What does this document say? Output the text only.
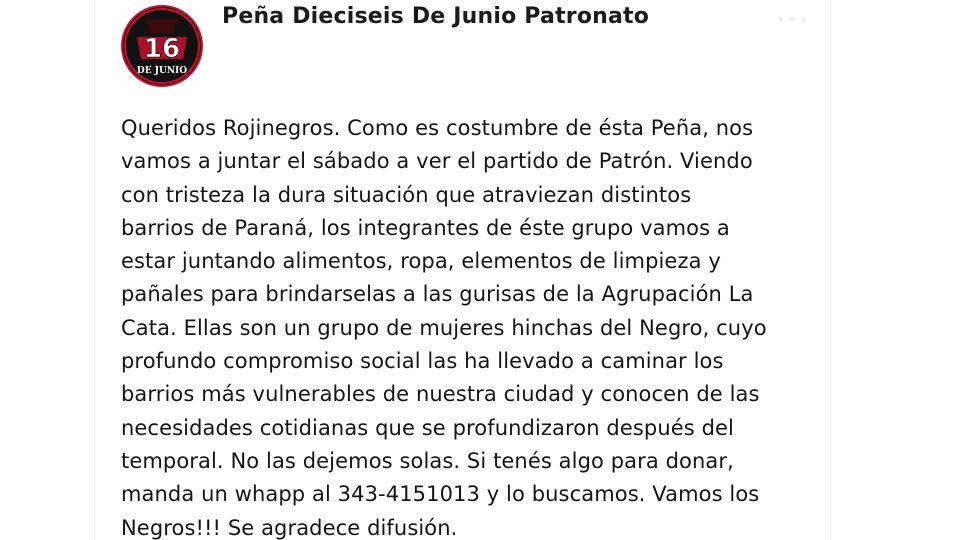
16
DE JUNIO
Peña Dieciseis De Junio Patronato	•••
Queridos Rojinegros. Como es costumbre de ésta Peña, nos
vamos a juntar el sábado a ver el partido de Patrón. Viendo
con tristeza la dura situación que atraviezan distintos
barrios de Paraná, los integrantes de éste grupo vamos a
estar juntando alimentos, ropa, elementos de limpieza y
pañales para brindarselas a las gurisas de la Agrupación La
Cata. Ellas son un grupo de mujeres hinchas del Negro, cuyo
profundo compromiso social las ha llevado a caminar los
barrios más vulnerables de nuestra ciudad y conocen de las
necesidades cotidianas que se profundizaron después del
temporal. No las dejemos solas. Si tenés algo para donar,
manda un whapp al 343-4151013 y lo buscamos. Vamos los
Negros!!! Se agradece difusión.
